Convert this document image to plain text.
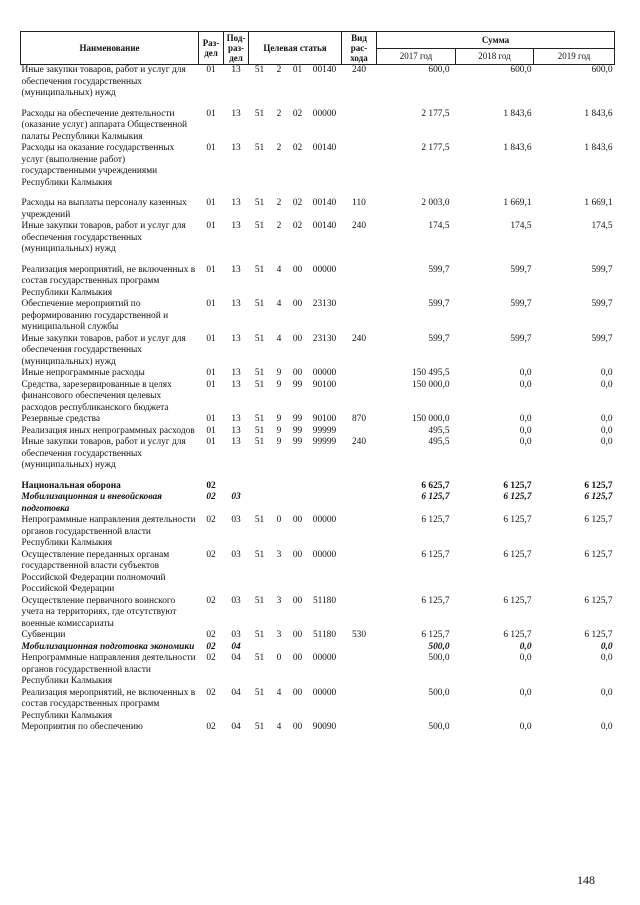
Наименование	Раз-дел	Под-раз-дел	Целевая статья				Вид рас-хода	Сумма		
								2017 год	2018 год	2019 год
Иные закупки товаров, работ и услуг для обеспечения государственных (муниципальных) нужд	01	13	51	2	01	00140	240	600,0	600,0	600,0
Расходы на обеспечение деятельности (оказание услуг) аппарата Общественной палаты Республики Калмыкия	01	13	51	2	02	00000		2 177,5	1 843,6	1 843,6
Расходы на оказание государственных услуг (выполнение работ) государственными учреждениями Республики Калмыкия	01	13	51	2	02	00140		2 177,5	1 843,6	1 843,6
Расходы на выплаты персоналу казенных учреждений	01	13	51	2	02	00140	110	2 003,0	1 669,1	1 669,1
Иные закупки товаров, работ и услуг для обеспечения государственных (муниципальных) нужд	01	13	51	2	02	00140	240	174,5	174,5	174,5
Реализация мероприятий, не включенных в состав государственных программ Республики Калмыкия	01	13	51	4	00	00000		599,7	599,7	599,7
Обеспечение мероприятий по реформированию государственной и муниципальной службы	01	13	51	4	00	23130		599,7	599,7	599,7
Иные закупки товаров, работ и услуг для обеспечения государственных (муниципальных) нужд	01	13	51	4	00	23130	240	599,7	599,7	599,7
Иные непрограммные расходы	01	13	51	9	00	00000		150 495,5	0,0	0,0
Средства, зарезервированные в целях финансового обеспечения целевых расходов республиканского бюджета	01	13	51	9	99	90100		150 000,0	0,0	0,0
Резервные средства	01	13	51	9	99	90100	870	150 000,0	0,0	0,0
Реализация иных непрограммных расходов	01	13	51	9	99	99999		495,5	0,0	0,0
Иные закупки товаров, работ и услуг для обеспечения государственных (муниципальных) нужд	01	13	51	9	99	99999	240	495,5	0,0	0,0
Национальная оборона	02							6 625,7	6 125,7	6 125,7
Мобилизационная и вневойсковая подготовка	02	03						6 125,7	6 125,7	6 125,7
Непрограммные направления деятельности органов государственной власти Республики Калмыкия	02	03	51	0	00	00000		6 125,7	6 125,7	6 125,7
Осуществление переданных органам государственной власти субъектов Российской Федерации полномочий Российской Федерации	02	03	51	3	00	00000		6 125,7	6 125,7	6 125,7
Осуществление первичного воинского учета на территориях, где отсутствуют военные комиссариаты	02	03	51	3	00	51180		6 125,7	6 125,7	6 125,7
Субвенции	02	03	51	3	00	51180	530	6 125,7	6 125,7	6 125,7
Мобилизационная подготовка экономики	02	04						500,0	0,0	0,0
Непрограммные направления деятельности органов государственной власти Республики Калмыкия	02	04	51	0	00	00000		500,0	0,0	0,0
Реализация мероприятий, не включенных в состав государственных программ Республики Калмыкия	02	04	51	4	00	00000		500,0	0,0	0,0
Мероприятия по обеспечению	02	04	51	4	00	90090		500,0	0,0	0,0
148
